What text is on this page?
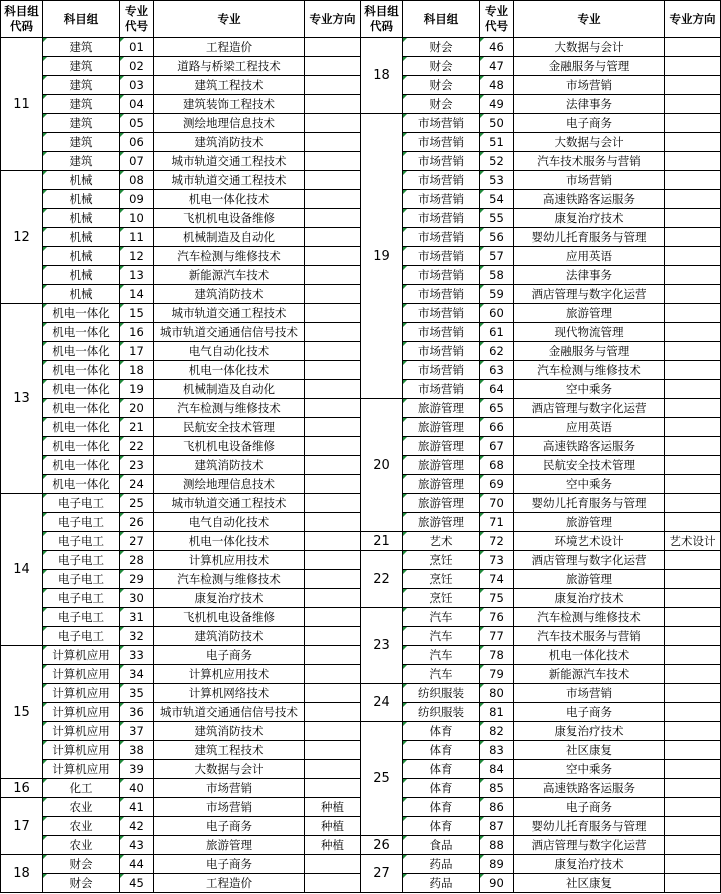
科目组代码	科目组	专业代号	专业	专业方向	科目组代码	科目组	专业代号	专业	专业方向
11	建筑	01	工程造价		18	财会	46	大数据与会计	
	建筑	02	道路与桥梁工程技术			财会	47	金融服务与管理	
	建筑	03	建筑工程技术			财会	48	市场营销	
	建筑	04	建筑装饰工程技术			财会	49	法律事务	
	建筑	05	测绘地理信息技术		19	市场营销	50	电子商务	
	建筑	06	建筑消防技术			市场营销	51	大数据与会计	
	建筑	07	城市轨道交通工程技术			市场营销	52	汽车技术服务与营销	
12	机械	08	城市轨道交通工程技术			市场营销	53	市场营销	
	机械	09	机电一体化技术			市场营销	54	高速铁路客运服务	
	机械	10	飞机机电设备维修			市场营销	55	康复治疗技术	
	机械	11	机械制造及自动化			市场营销	56	婴幼儿托育服务与管理	
	机械	12	汽车检测与维修技术			市场营销	57	应用英语	
	机械	13	新能源汽车技术			市场营销	58	法律事务	
	机械	14	建筑消防技术			市场营销	59	酒店管理与数字化运营	
13	机电一体化	15	城市轨道交通工程技术			市场营销	60	旅游管理	
	机电一体化	16	城市轨道交通通信信号技术			市场营销	61	现代物流管理	
	机电一体化	17	电气自动化技术			市场营销	62	金融服务与管理	
	机电一体化	18	机电一体化技术			市场营销	63	汽车检测与维修技术	
	机电一体化	19	机械制造及自动化			市场营销	64	空中乘务	
	机电一体化	20	汽车检测与维修技术		20	旅游管理	65	酒店管理与数字化运营	
	机电一体化	21	民航安全技术管理			旅游管理	66	应用英语	
	机电一体化	22	飞机机电设备维修			旅游管理	67	高速铁路客运服务	
	机电一体化	23	建筑消防技术			旅游管理	68	民航安全技术管理	
	机电一体化	24	测绘地理信息技术			旅游管理	69	空中乘务	
14	电子电工	25	城市轨道交通工程技术			旅游管理	70	婴幼儿托育服务与管理	
	电子电工	26	电气自动化技术			旅游管理	71	旅游管理	
	电子电工	27	机电一体化技术		21	艺术	72	环境艺术设计	艺术设计
	电子电工	28	计算机应用技术		22	烹饪	73	酒店管理与数字化运营	
	电子电工	29	汽车检测与维修技术			烹饪	74	旅游管理	
	电子电工	30	康复治疗技术			烹饪	75	康复治疗技术	
	电子电工	31	飞机机电设备维修		23	汽车	76	汽车检测与维修技术	
	电子电工	32	建筑消防技术			汽车	77	汽车技术服务与营销	
15	计算机应用	33	电子商务			汽车	78	机电一体化技术	
	计算机应用	34	计算机应用技术			汽车	79	新能源汽车技术	
	计算机应用	35	计算机网络技术		24	纺织服装	80	市场营销	
	计算机应用	36	城市轨道交通通信信号技术			纺织服装	81	电子商务	
	计算机应用	37	建筑消防技术		25	体育	82	康复治疗技术	
	计算机应用	38	建筑工程技术			体育	83	社区康复	
	计算机应用	39	大数据与会计			体育	84	空中乘务	
16	化工	40	市场营销			体育	85	高速铁路客运服务	
17	农业	41	市场营销	种植		体育	86	电子商务	
	农业	42	电子商务	种植		体育	87	婴幼儿托育服务与管理	
	农业	43	旅游管理	种植	26	食品	88	酒店管理与数字化运营	
18	财会	44	电子商务		27	药品	89	康复治疗技术	
	财会	45	工程造价			药品	90	社区康复	
